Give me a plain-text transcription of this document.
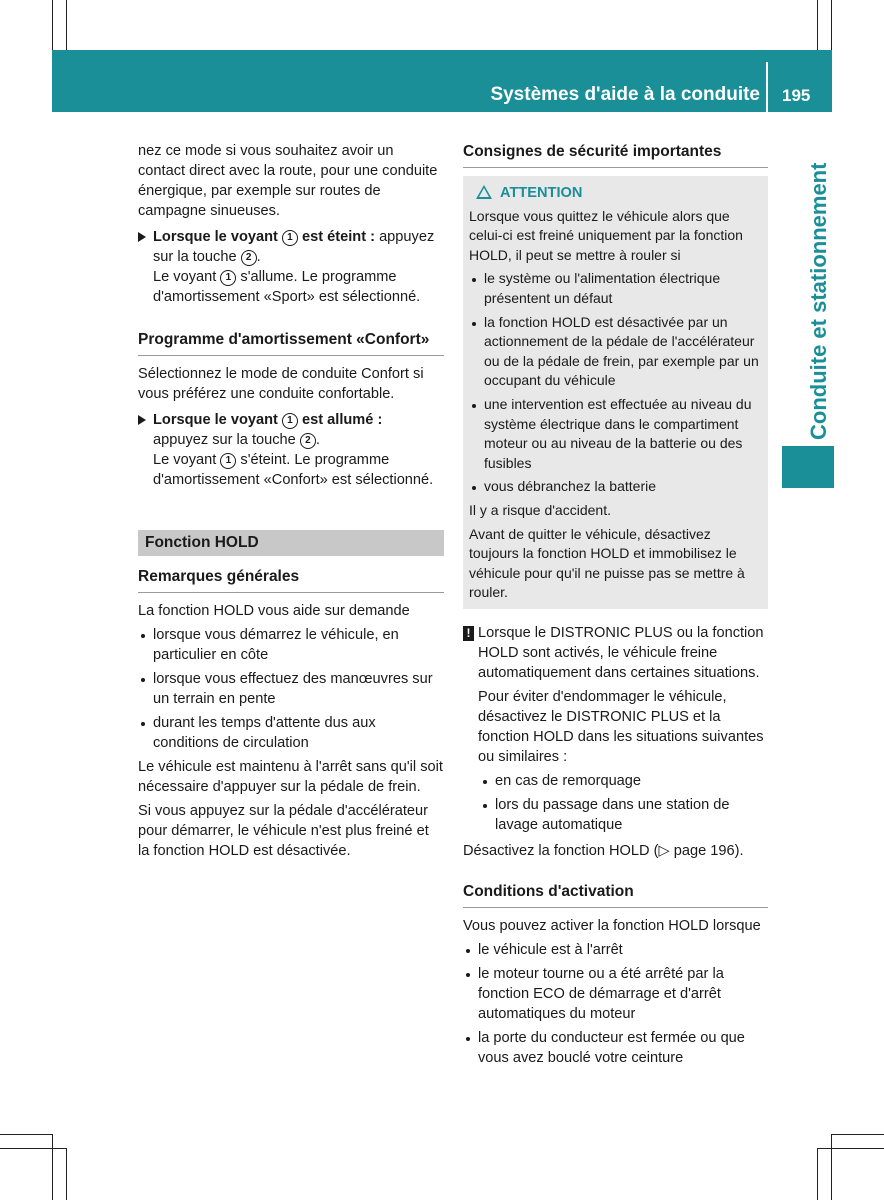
Systèmes d'aide à la conduite 195
Conduite et stationnement

nez ce mode si vous souhaitez avoir un contact direct avec la route, pour une conduite énergique, par exemple sur routes de campagne sinueuses.

Lorsque le voyant 1 est éteint : appuyez sur la touche 2 .
Le voyant 1 s'allume. Le programme d'amortissement «Sport» est sélectionné.
Programme d'amortissement «Confort»

Sélectionnez le mode de conduite Confort si vous préférez une conduite confortable.

Lorsque le voyant 1 est allumé :
appuyez sur la touche 2 .
Le voyant 1 s'éteint. Le programme d'amortissement «Confort» est sélectionné.
Fonction HOLD
Remarques générales

La fonction HOLD vous aide sur demande

lorsque vous démarrez le véhicule, en particulier en côte
lorsque vous effectuez des manœuvres sur un terrain en pente
durant les temps d'attente dus aux conditions de circulation

Le véhicule est maintenu à l'arrêt sans qu'il soit nécessaire d'appuyer sur la pédale de frein.

Si vous appuyez sur la pédale d'accélérateur pour démarrer, le véhicule n'est plus freiné et la fonction HOLD est désactivée.

Consignes de sécurité importantes
ATTENTION

Lorsque vous quittez le véhicule alors que celui-ci est freiné uniquement par la fonction HOLD, il peut se mettre à rouler si

le système ou l'alimentation électrique présentent un défaut
la fonction HOLD est désactivée par un actionnement de la pédale de l'accélérateur ou de la pédale de frein, par exemple par un occupant du véhicule
une intervention est effectuée au niveau du système électrique dans le compartiment moteur ou au niveau de la batterie ou des fusibles
vous débranchez la batterie

Il y a risque d'accident.

Avant de quitter le véhicule, désactivez toujours la fonction HOLD et immobilisez le véhicule pour qu'il ne puisse pas se mettre à rouler.

! Lorsque le DISTRONIC PLUS ou la fonction HOLD sont activés, le véhicule freine automatiquement dans certaines situations.

Pour éviter d'endommager le véhicule, désactivez le DISTRONIC PLUS et la fonction HOLD dans les situations suivantes ou similaires :

en cas de remorquage
lors du passage dans une station de lavage automatique

Désactivez la fonction HOLD (▷ page 196).

Conditions d'activation

Vous pouvez activer la fonction HOLD lorsque

le véhicule est à l'arrêt
le moteur tourne ou a été arrêté par la fonction ECO de démarrage et d'arrêt automatiques du moteur
la porte du conducteur est fermée ou que vous avez bouclé votre ceinture
